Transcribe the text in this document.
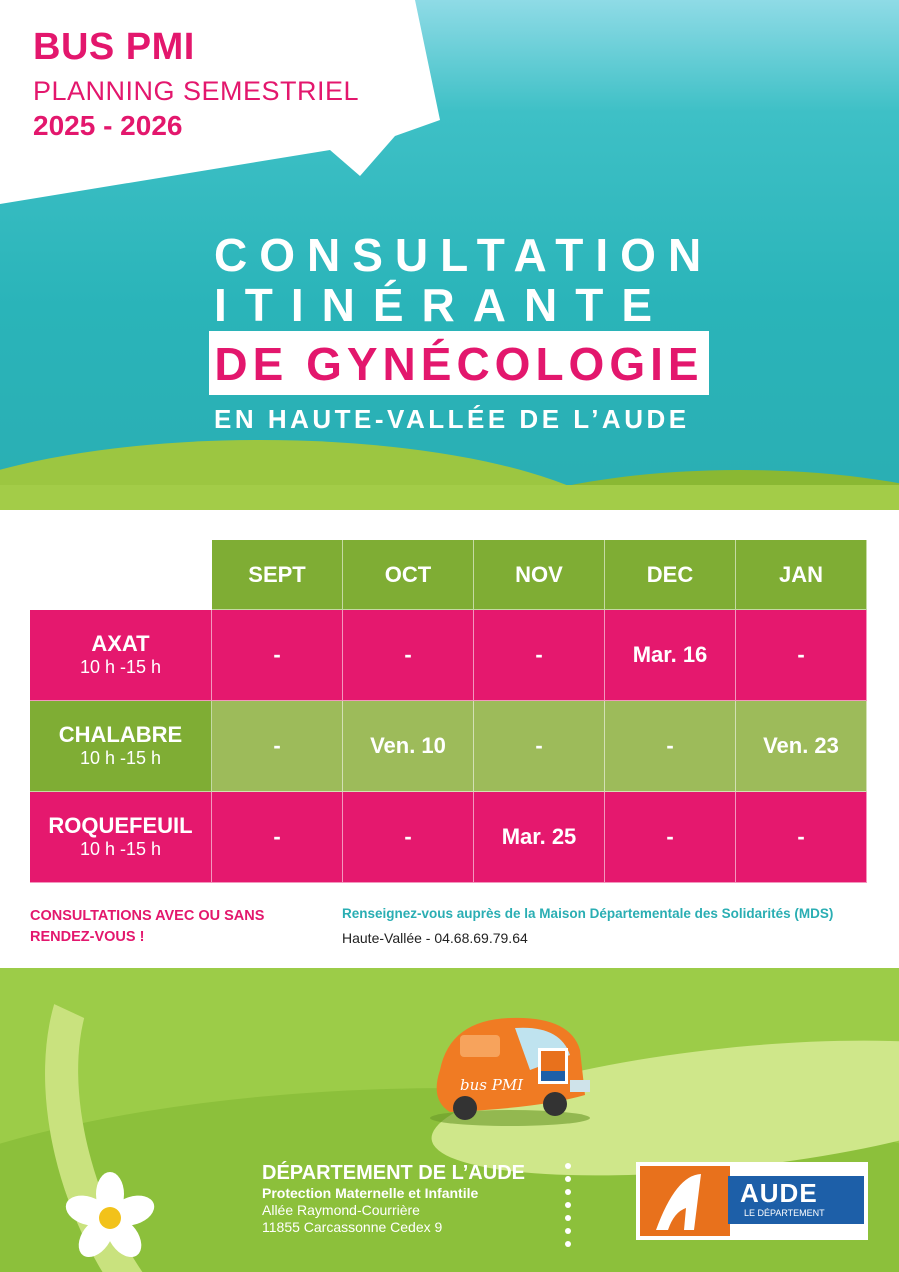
BUS PMI
PLANNING SEMESTRIEL
2025 - 2026
CONSULTATION
ITINÉRANTE
DE GYNÉCOLOGIE
EN HAUTE-VALLÉE DE L’AUDE
SEPT	OCT	NOV	DEC	JAN
AXAT
10 h -15 h
-	-	-	Mar. 16	-
CHALABRE
10 h -15 h
-	Ven. 10	-	-	Ven. 23
ROQUEFEUIL
10 h -15 h
-	-	Mar. 25	-	-
CONSULTATIONS AVEC OU SANS RENDEZ-VOUS !
Renseignez-vous auprès de la Maison Départementale des Solidarités (MDS)
Haute-Vallée - 04.68.69.79.64
bus PMI
DÉPARTEMENT DE L’AUDE
Protection Maternelle et Infantile
Allée Raymond-Courrière
11855 Carcassonne Cedex 9
AUDE
LE DÉPARTEMENT
